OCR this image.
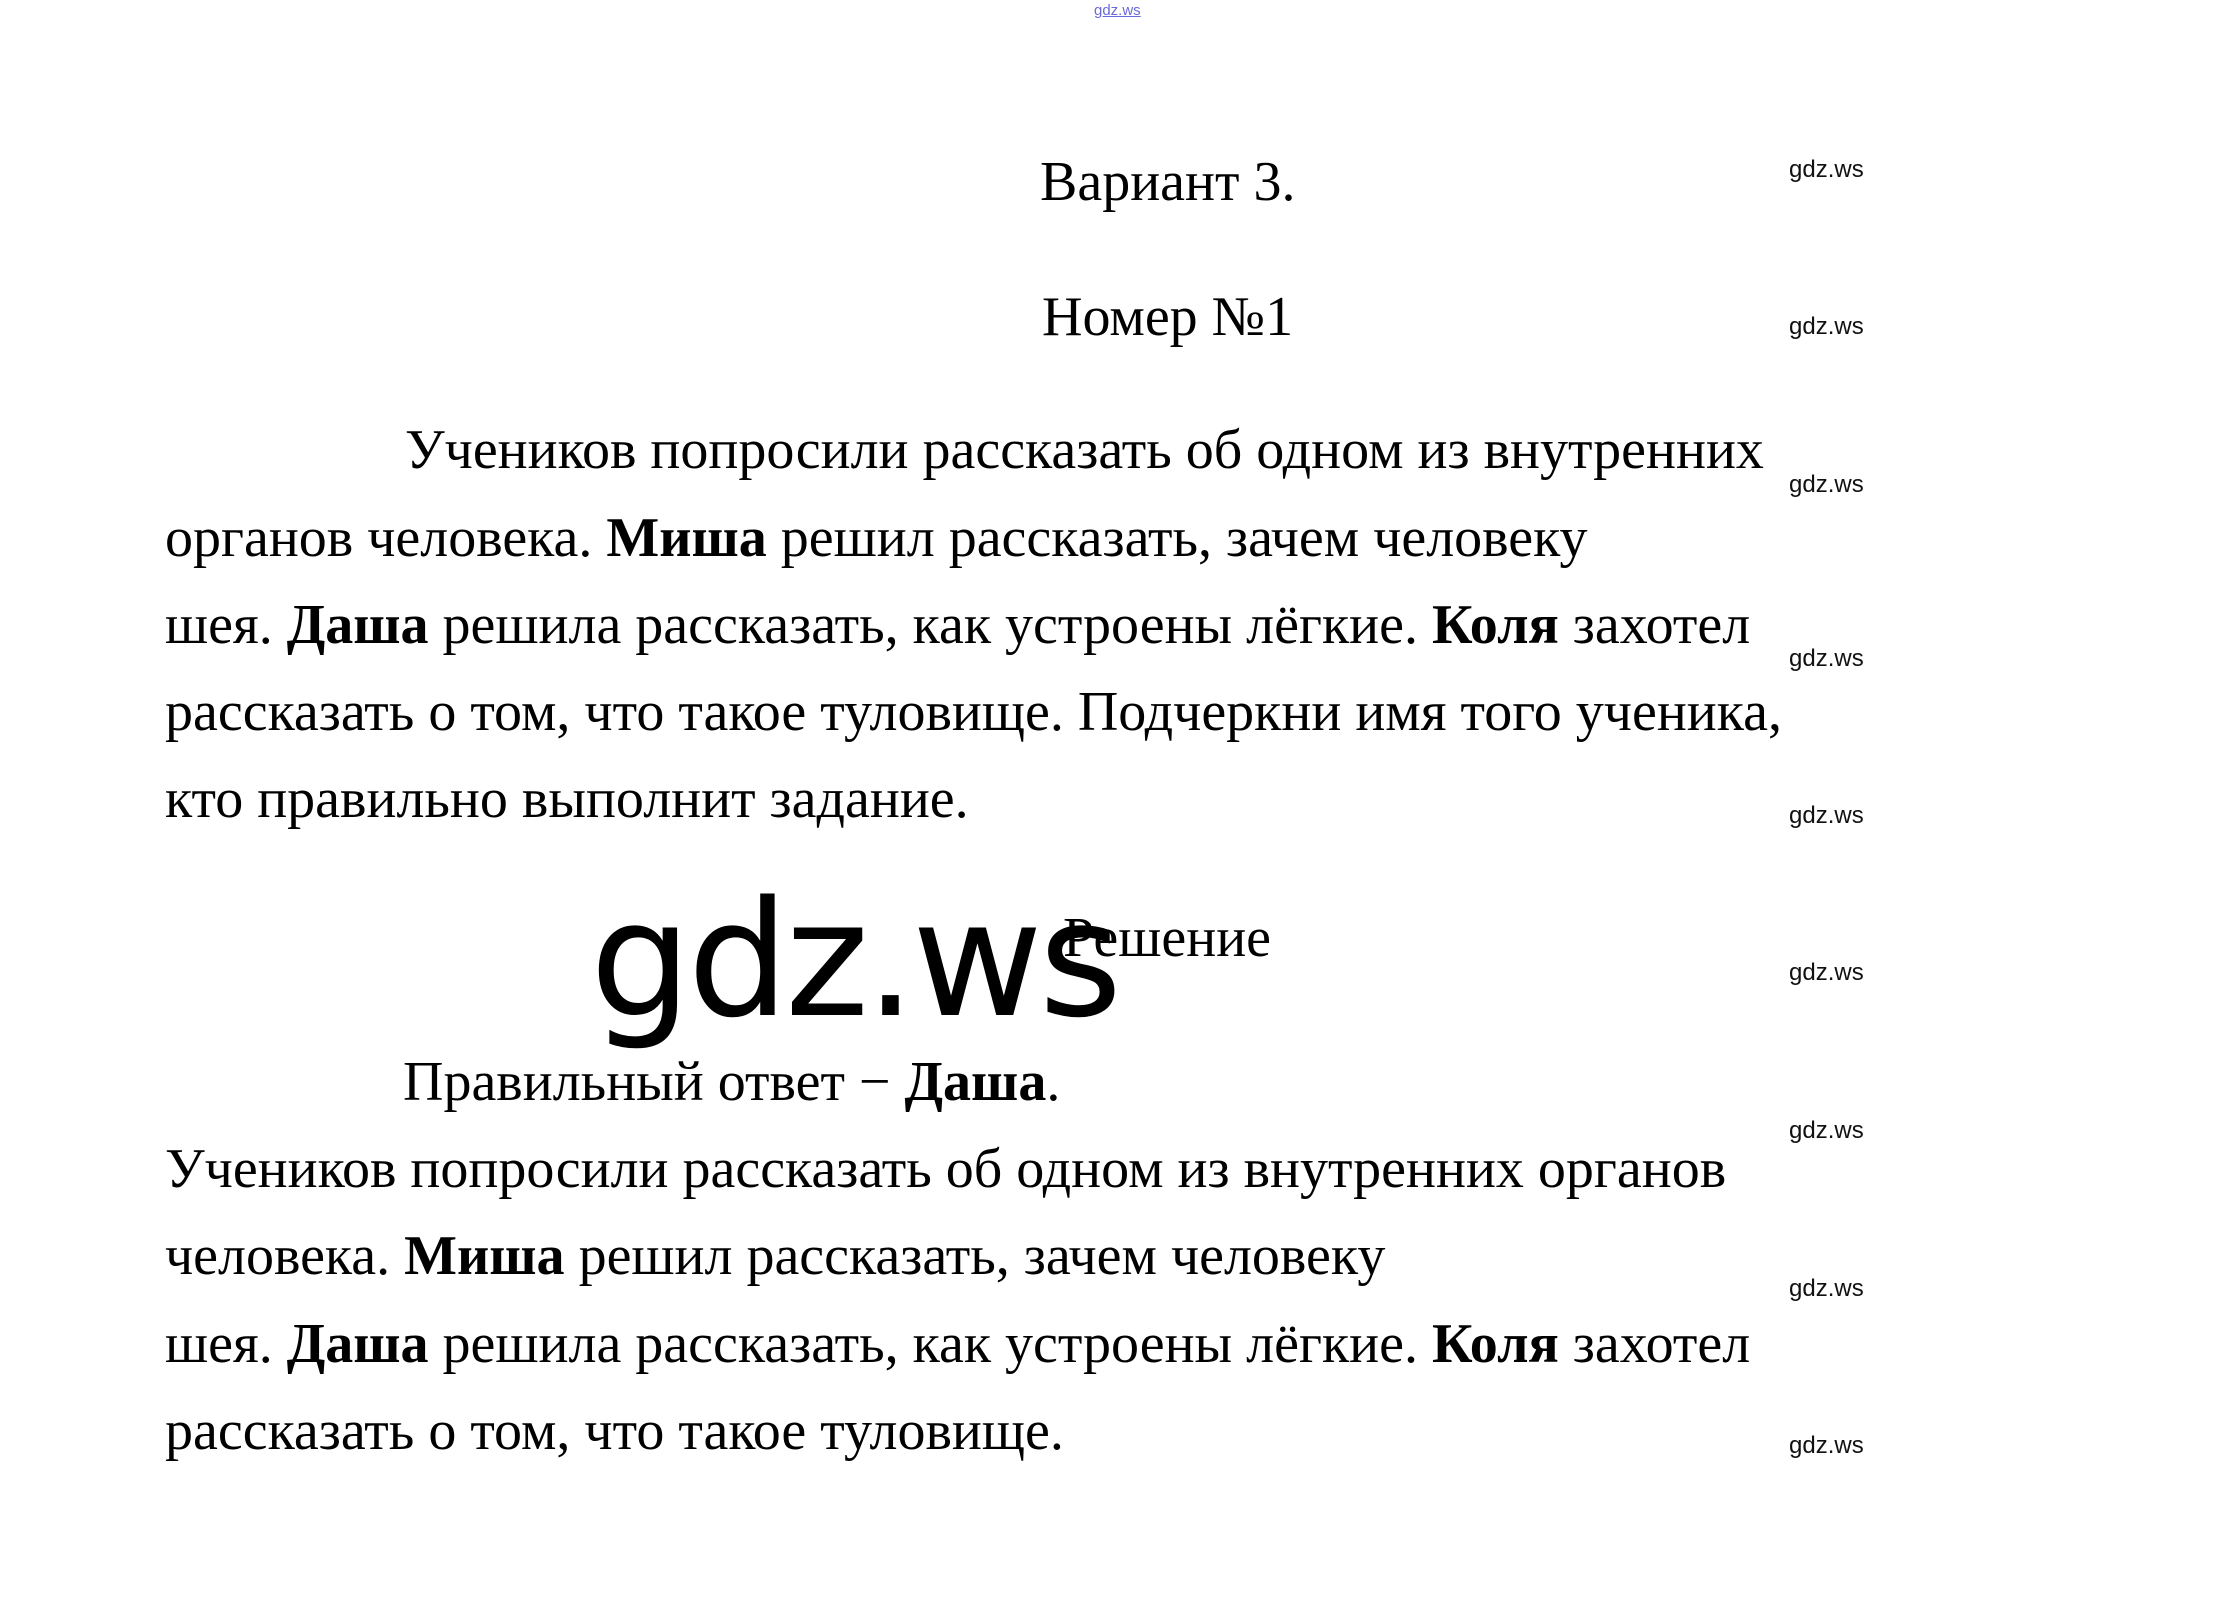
gdz.ws
gdz.ws
gdz.ws
gdz.ws
gdz.ws
gdz.ws
gdz.ws
gdz.ws
gdz.ws
gdz.ws
Вариант 3.
Номер №1
Учеников попросили рассказать об одном из внутренних
органов человека. Миша решил рассказать, зачем человеку
шея. Даша решила рассказать, как устроены лёгкие. Коля захотел
рассказать о том, что такое туловище. Подчеркни имя того ученика,
кто правильно выполнит задание.
gdz.ws
Решение
Правильный ответ − Даша.
Учеников попросили рассказать об одном из внутренних органов
человека. Миша решил рассказать, зачем человеку
шея. Даша решила рассказать, как устроены лёгкие. Коля захотел
рассказать о том, что такое туловище.
